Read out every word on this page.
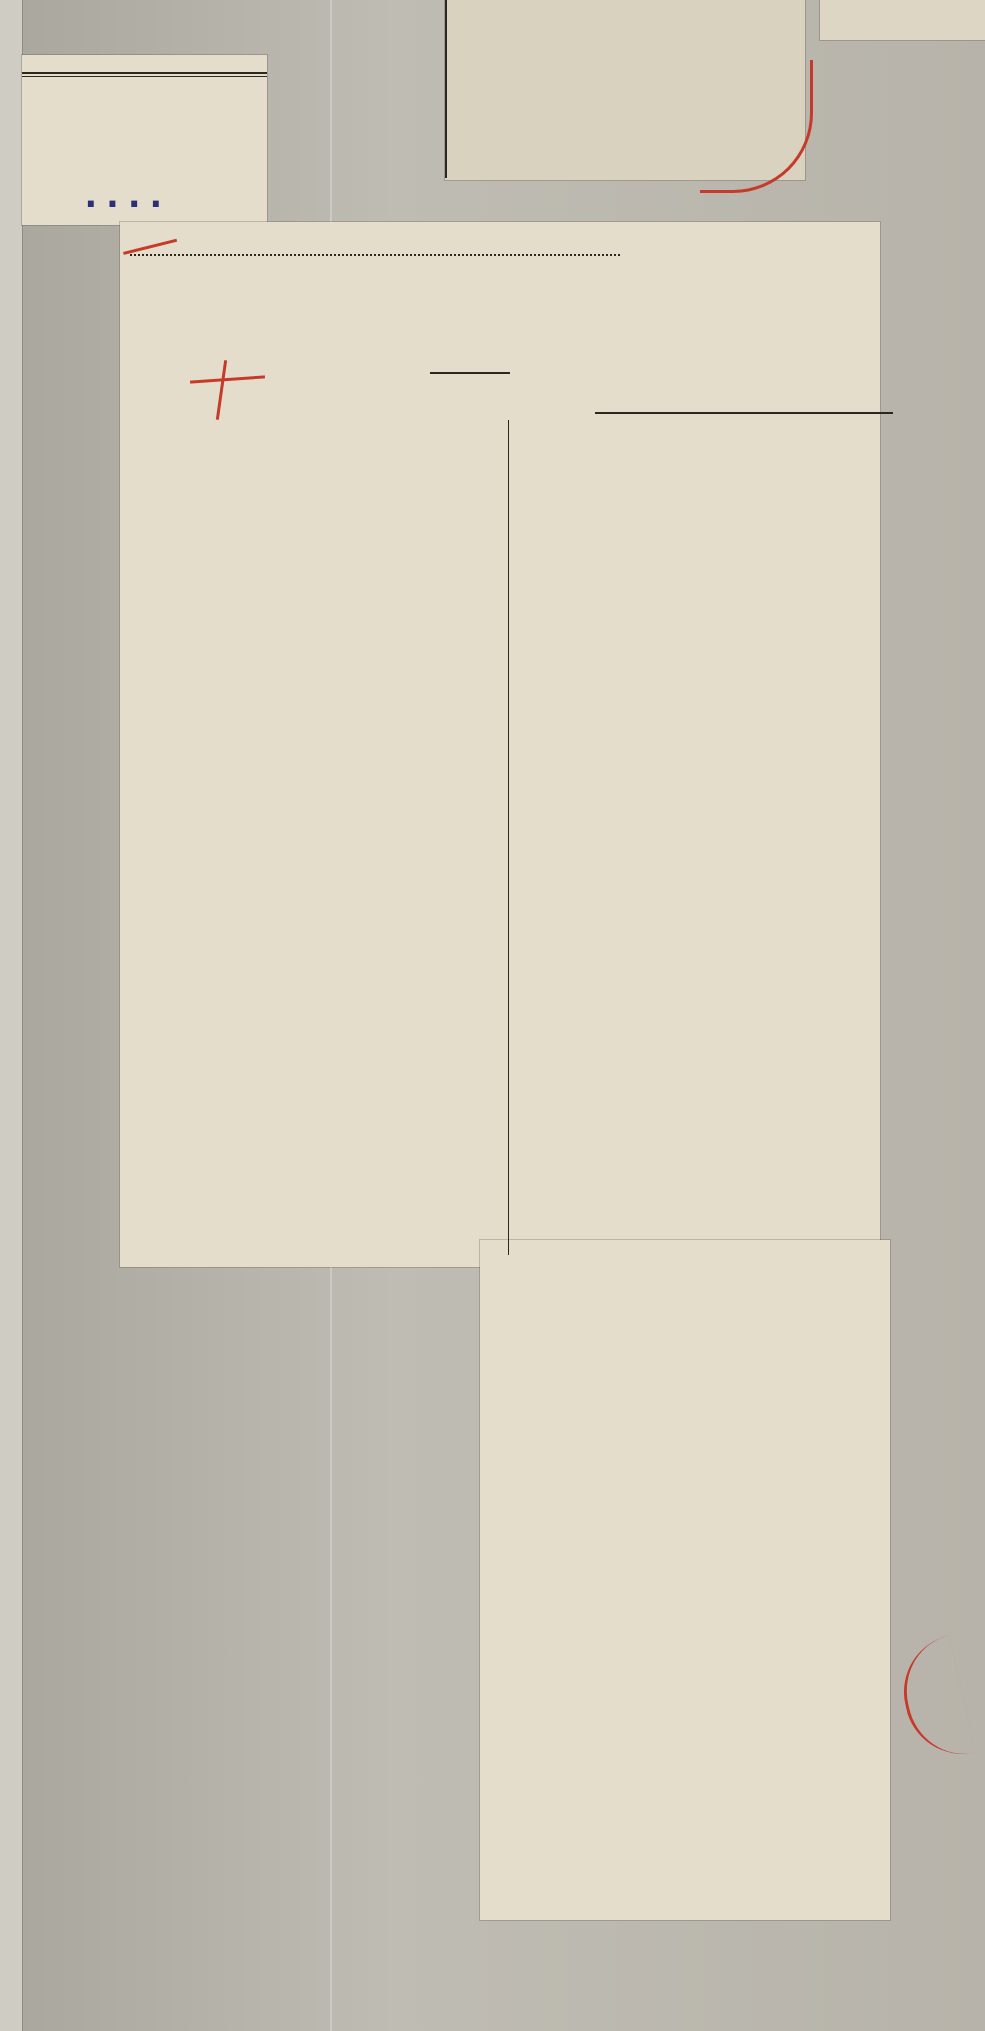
....
